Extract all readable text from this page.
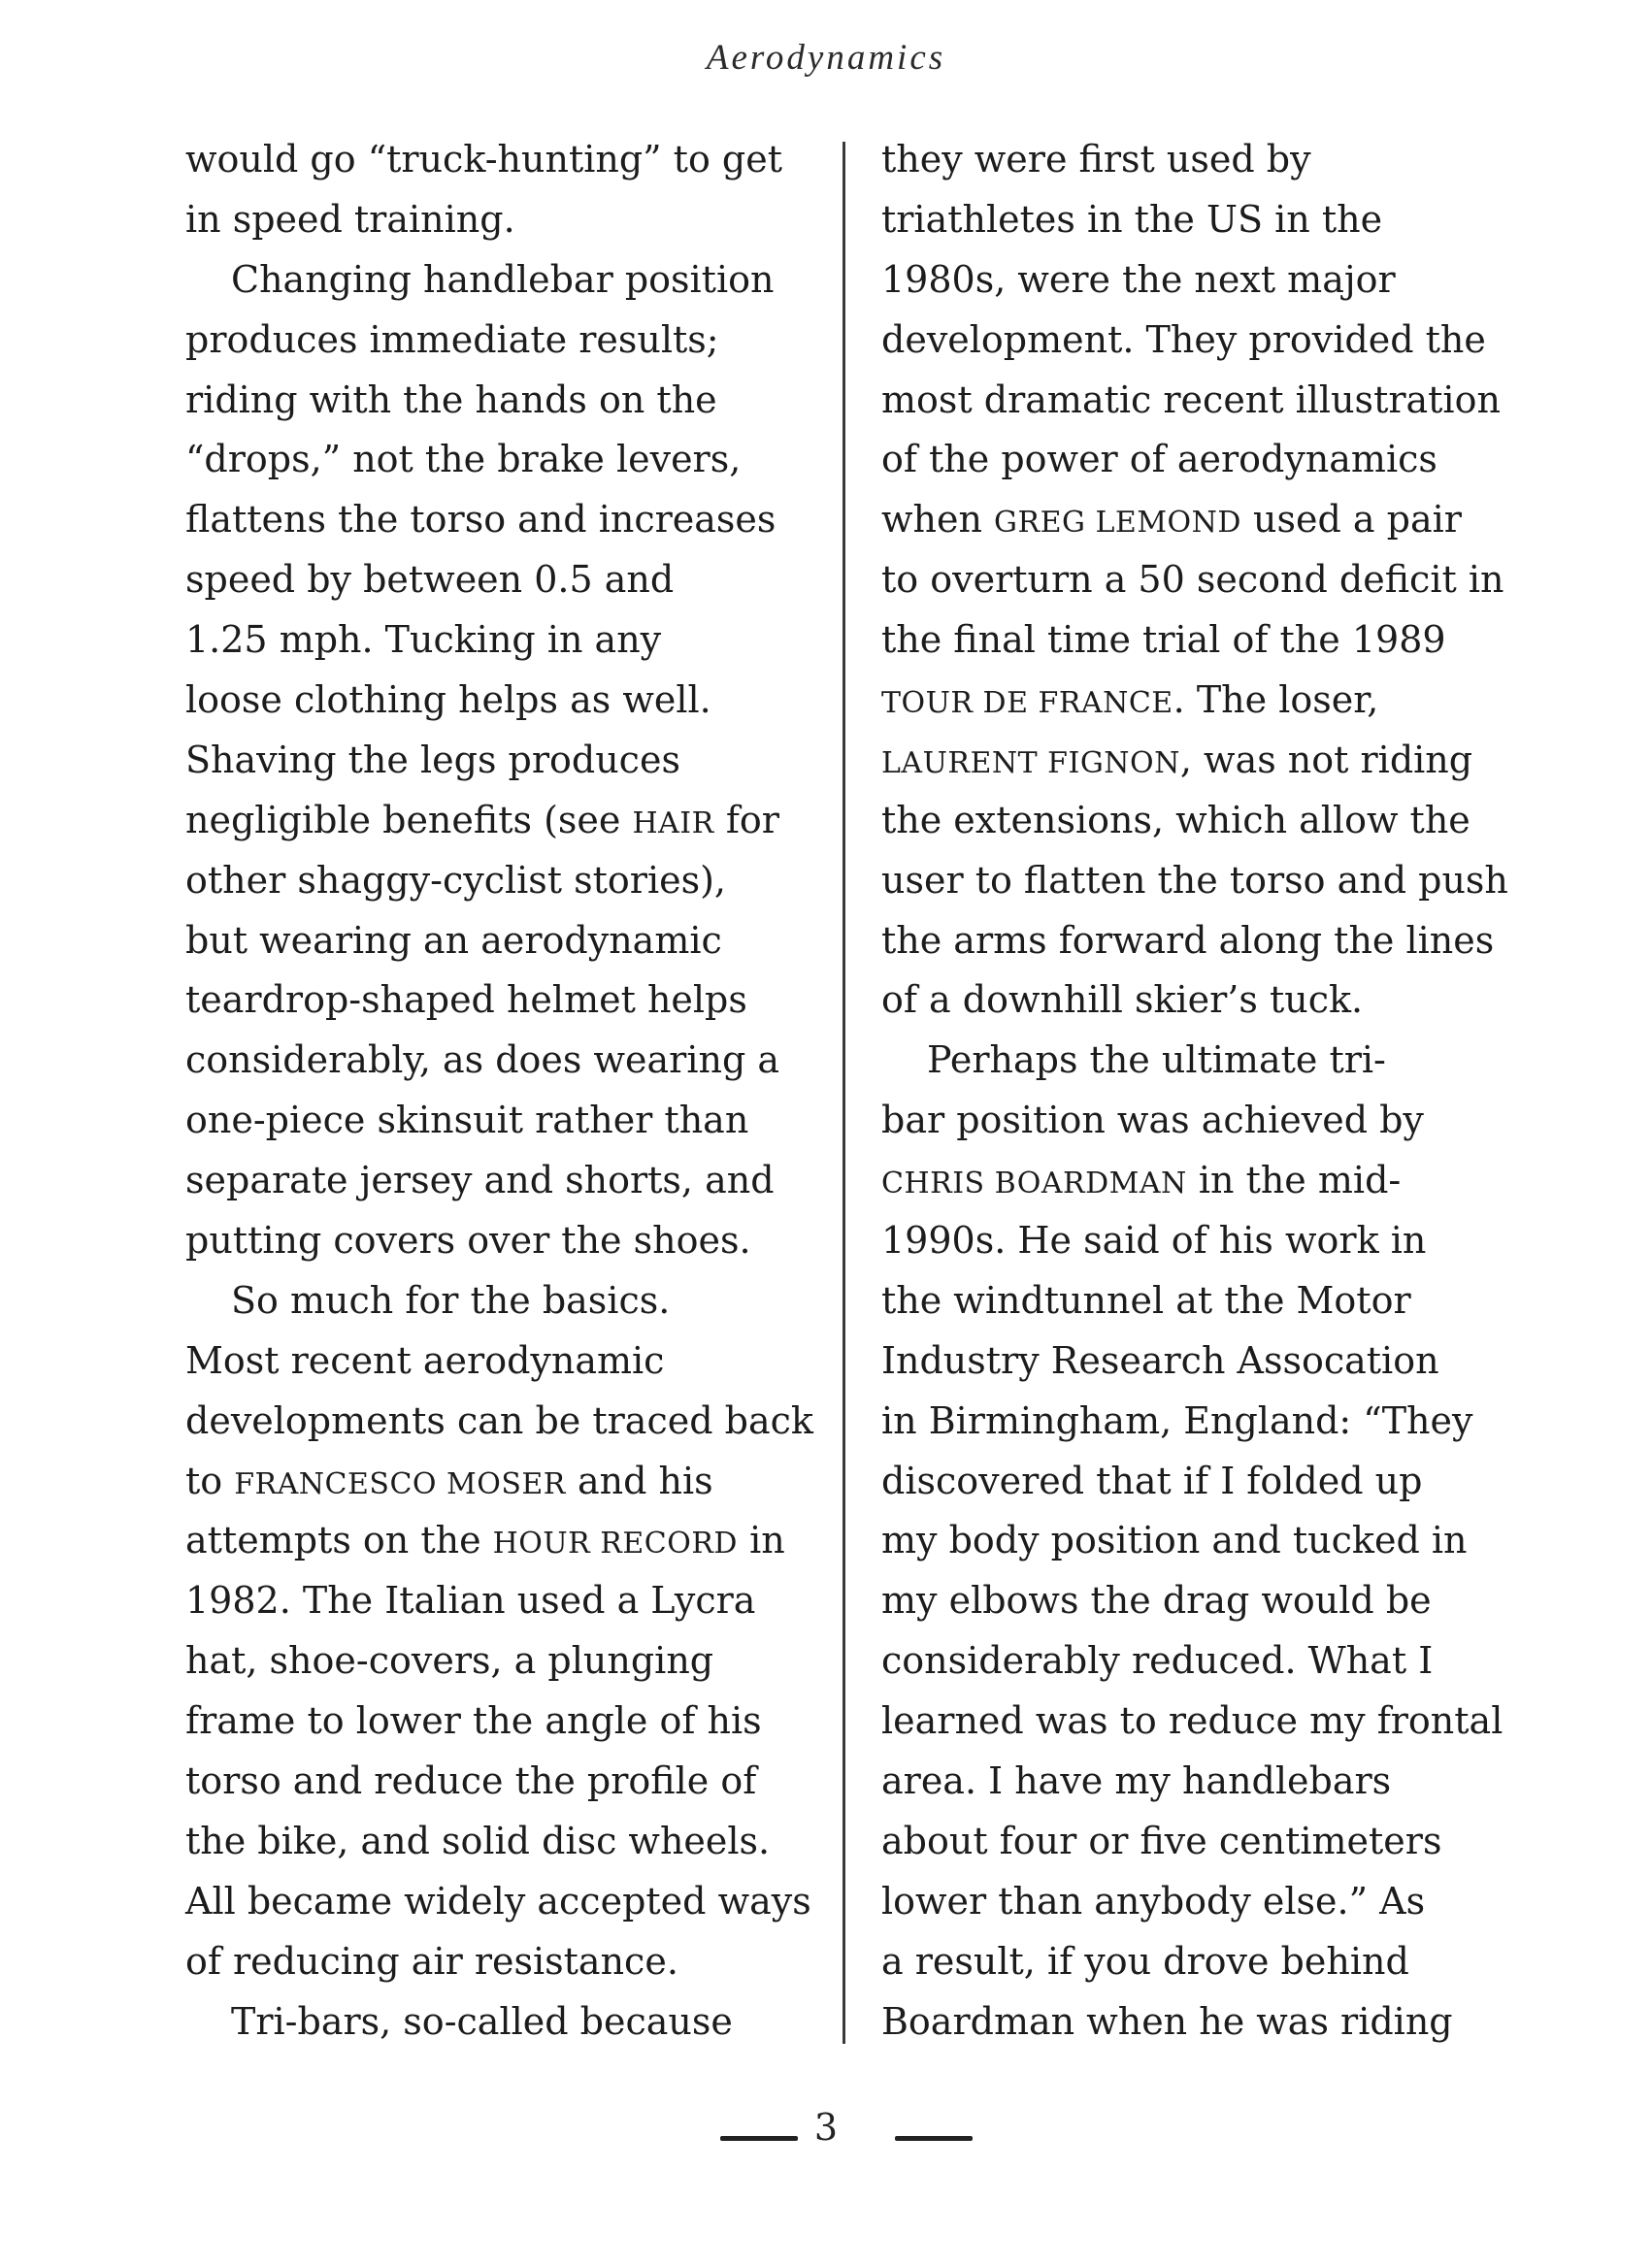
Aerodynamics
would go “truck-hunting” to get
in speed training.
Changing handlebar position
produces immediate results;
riding with the hands on the
“drops,” not the brake levers,
flattens the torso and increases
speed by between 0.5 and
1.25 mph. Tucking in any
loose clothing helps as well.
Shaving the legs produces
negligible benefits (see HAIR for
other shaggy-cyclist stories),
but wearing an aerodynamic
teardrop-shaped helmet helps
considerably, as does wearing a
one-piece skinsuit rather than
separate jersey and shorts, and
putting covers over the shoes.
So much for the basics.
Most recent aerodynamic
developments can be traced back
to FRANCESCO MOSER and his
attempts on the HOUR RECORD in
1982. The Italian used a Lycra
hat, shoe-covers, a plunging
frame to lower the angle of his
torso and reduce the profile of
the bike, and solid disc wheels.
All became widely accepted ways
of reducing air resistance.
Tri-bars, so-called because
they were first used by
triathletes in the US in the
1980s, were the next major
development. They provided the
most dramatic recent illustration
of the power of aerodynamics
when GREG LEMOND used a pair
to overturn a 50 second deficit in
the final time trial of the 1989
TOUR DE FRANCE. The loser,
LAURENT FIGNON, was not riding
the extensions, which allow the
user to flatten the torso and push
the arms forward along the lines
of a downhill skier’s tuck.
Perhaps the ultimate tri-
bar position was achieved by
CHRIS BOARDMAN in the mid-
1990s. He said of his work in
the windtunnel at the Motor
Industry Research Assocation
in Birmingham, England: “They
discovered that if I folded up
my body position and tucked in
my elbows the drag would be
considerably reduced. What I
learned was to reduce my frontal
area. I have my handlebars
about four or five centimeters
lower than anybody else.” As
a result, if you drove behind
Boardman when he was riding
3
